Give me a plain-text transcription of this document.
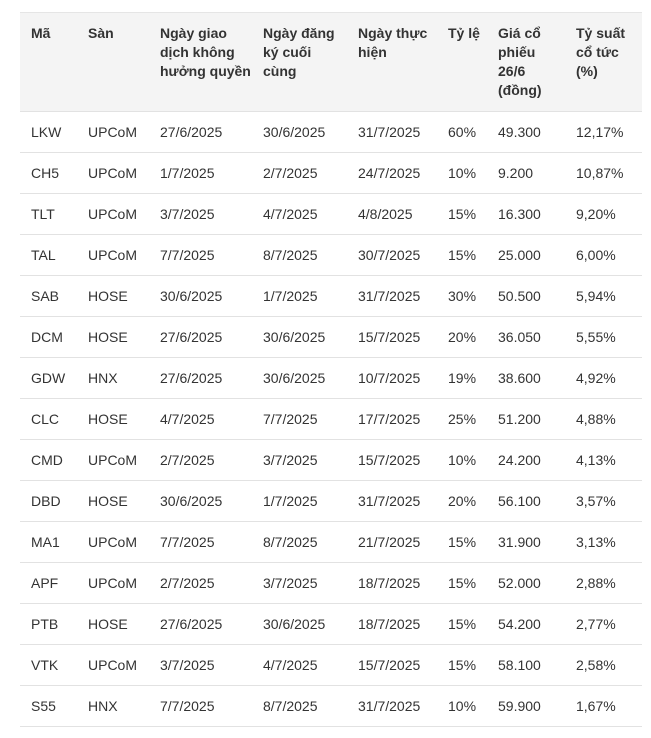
Mã	Sàn	Ngày giao dịch không hưởng quyền	Ngày đăng ký cuối cùng	Ngày thực hiện	Tỷ lệ	Giá cổ phiếu 26/6 (đồng)	Tỷ suất cổ tức (%)
LKW	UPCoM	27/6/2025	30/6/2025	31/7/2025	60%	49.300	12,17%
CH5	UPCoM	1/7/2025	2/7/2025	24/7/2025	10%	9.200	10,87%
TLT	UPCoM	3/7/2025	4/7/2025	4/8/2025	15%	16.300	9,20%
TAL	UPCoM	7/7/2025	8/7/2025	30/7/2025	15%	25.000	6,00%
SAB	HOSE	30/6/2025	1/7/2025	31/7/2025	30%	50.500	5,94%
DCM	HOSE	27/6/2025	30/6/2025	15/7/2025	20%	36.050	5,55%
GDW	HNX	27/6/2025	30/6/2025	10/7/2025	19%	38.600	4,92%
CLC	HOSE	4/7/2025	7/7/2025	17/7/2025	25%	51.200	4,88%
CMD	UPCoM	2/7/2025	3/7/2025	15/7/2025	10%	24.200	4,13%
DBD	HOSE	30/6/2025	1/7/2025	31/7/2025	20%	56.100	3,57%
MA1	UPCoM	7/7/2025	8/7/2025	21/7/2025	15%	31.900	3,13%
APF	UPCoM	2/7/2025	3/7/2025	18/7/2025	15%	52.000	2,88%
PTB	HOSE	27/6/2025	30/6/2025	18/7/2025	15%	54.200	2,77%
VTK	UPCoM	3/7/2025	4/7/2025	15/7/2025	15%	58.100	2,58%
S55	HNX	7/7/2025	8/7/2025	31/7/2025	10%	59.900	1,67%
